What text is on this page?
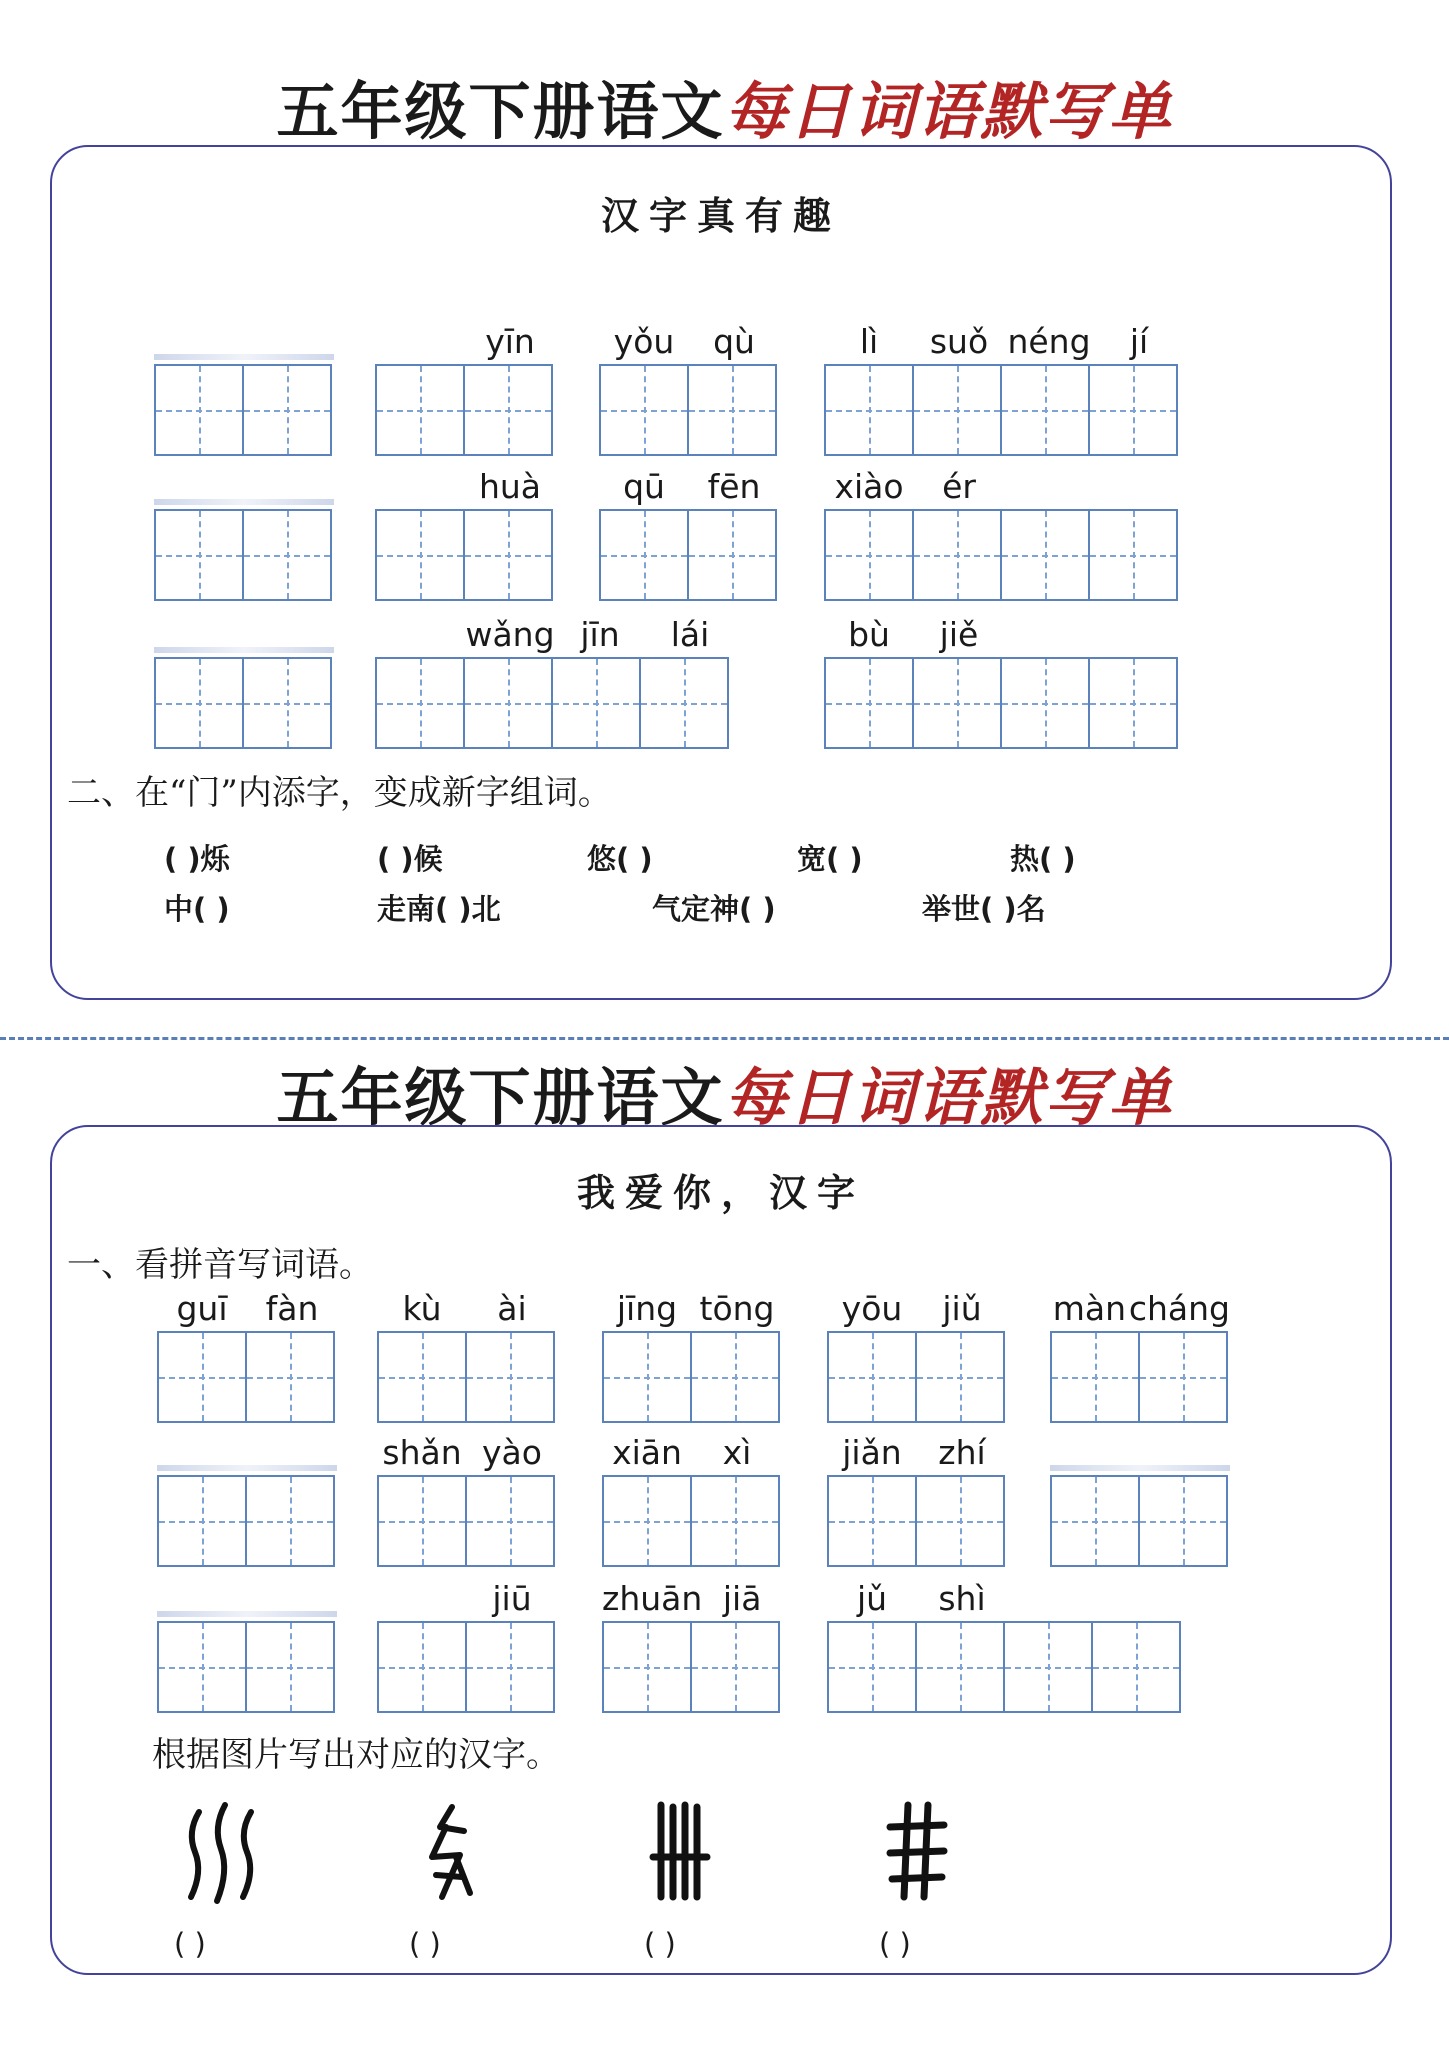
五年级下册语文每日词语默写单
汉字真有趣
yīn	yǒu	qù	lì	suǒ néng	jí
huà	qū	fēn	xiào	ér
wǎng jīn	lái	bù	jiě
二、在“门”内添字，变成新字组词。
( )烁	( )候	悠( )	宽( )	热( )
中( )	走南( )北	气定神( )	举世( )名
五年级下册语文每日词语默写单
我爱你，汉字
一、看拼音写词语。
guī	fàn	kù	ài	jīng tōng	yōu	jiǔ	màn cháng
shǎn yào	xiān	xì	jiǎn	zhí
jiū	zhuān jiā	jǔ	shì
根据图片写出对应的汉字。
( )	( )	( )	( )
